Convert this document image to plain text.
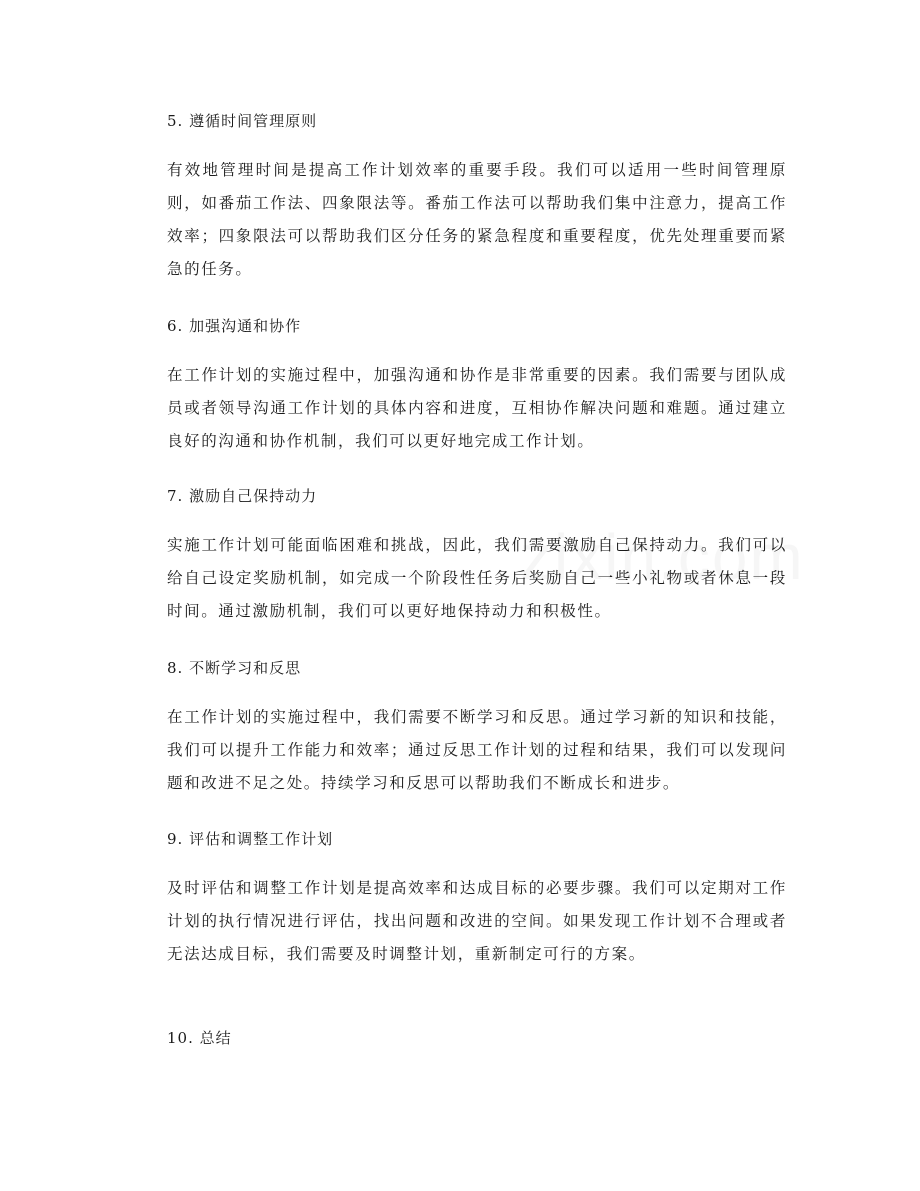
5. 遵循时间管理原则
有效地管理时间是提高工作计划效率的重要手段。我们可以适用一些时间管理原则，如番茄工作法、四象限法等。番茄工作法可以帮助我们集中注意力，提高工作效率；四象限法可以帮助我们区分任务的紧急程度和重要程度，优先处理重要而紧急的任务。
6. 加强沟通和协作
在工作计划的实施过程中，加强沟通和协作是非常重要的因素。我们需要与团队成员或者领导沟通工作计划的具体内容和进度，互相协作解决问题和难题。通过建立良好的沟通和协作机制，我们可以更好地完成工作计划。
7. 激励自己保持动力
实施工作计划可能面临困难和挑战，因此，我们需要激励自己保持动力。我们可以给自己设定奖励机制，如完成一个阶段性任务后奖励自己一些小礼物或者休息一段时间。通过激励机制，我们可以更好地保持动力和积极性。
8. 不断学习和反思
在工作计划的实施过程中，我们需要不断学习和反思。通过学习新的知识和技能，我们可以提升工作能力和效率；通过反思工作计划的过程和结果，我们可以发现问题和改进不足之处。持续学习和反思可以帮助我们不断成长和进步。
9. 评估和调整工作计划
及时评估和调整工作计划是提高效率和达成目标的必要步骤。我们可以定期对工作计划的执行情况进行评估，找出问题和改进的空间。如果发现工作计划不合理或者无法达成目标，我们需要及时调整计划，重新制定可行的方案。
10. 总结
